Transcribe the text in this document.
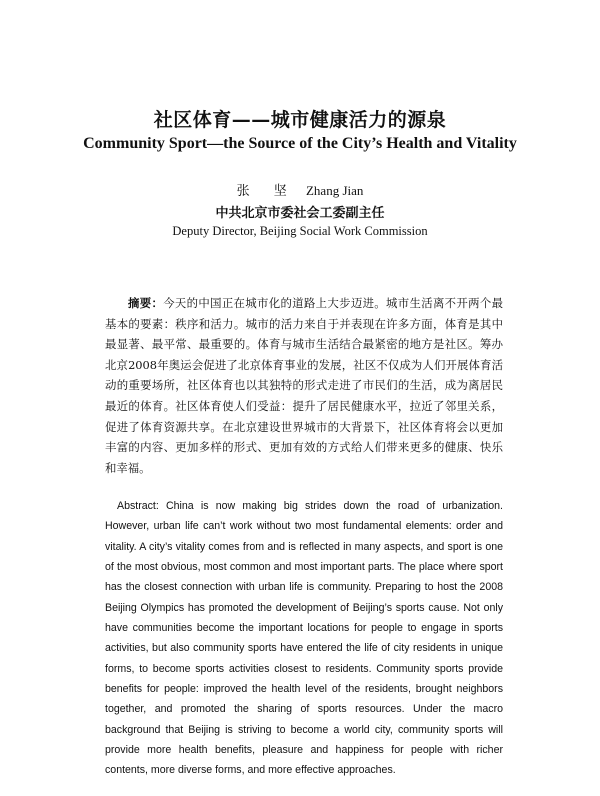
社区体育——城市健康活力的源泉
Community Sport—the Source of the City’s Health and Vitality
张 坚 Zhang Jian
中共北京市委社会工委副主任
Deputy Director, Beijing Social Work Commission

摘要：今天的中国正在城市化的道路上大步迈进。城市生活离不开两个最基本的要素：秩序和活力。城市的活力来自于并表现在许多方面，体育是其中最显著、最平常、最重要的。体育与城市生活结合最紧密的地方是社区。筹办北京2008年奥运会促进了北京体育事业的发展，社区不仅成为人们开展体育活动的重要场所，社区体育也以其独特的形式走进了市民们的生活，成为离居民最近的体育。社区体育使人们受益：提升了居民健康水平，拉近了邻里关系，促进了体育资源共享。在北京建设世界城市的大背景下，社区体育将会以更加丰富的内容、更加多样的形式、更加有效的方式给人们带来更多的健康、快乐和幸福。

Abstract: China is now making big strides down the road of urbanization. However, urban life can’t work without two most fundamental elements: order and vitality. A city’s vitality comes from and is reflected in many aspects, and sport is one of the most obvious, most common and most important parts. The place where sport has the closest connection with urban life is community. Preparing to host the 2008 Beijing Olympics has promoted the development of Beijing’s sports cause. Not only have communities become the important locations for people to engage in sports activities, but also community sports have entered the life of city residents in unique forms, to become sports activities closest to residents. Community sports provide benefits for people: improved the health level of the residents, brought neighbors together, and promoted the sharing of sports resources. Under the macro background that Beijing is striving to become a world city, community sports will provide more health benefits, pleasure and happiness for people with richer contents, more diverse forms, and more effective approaches.
